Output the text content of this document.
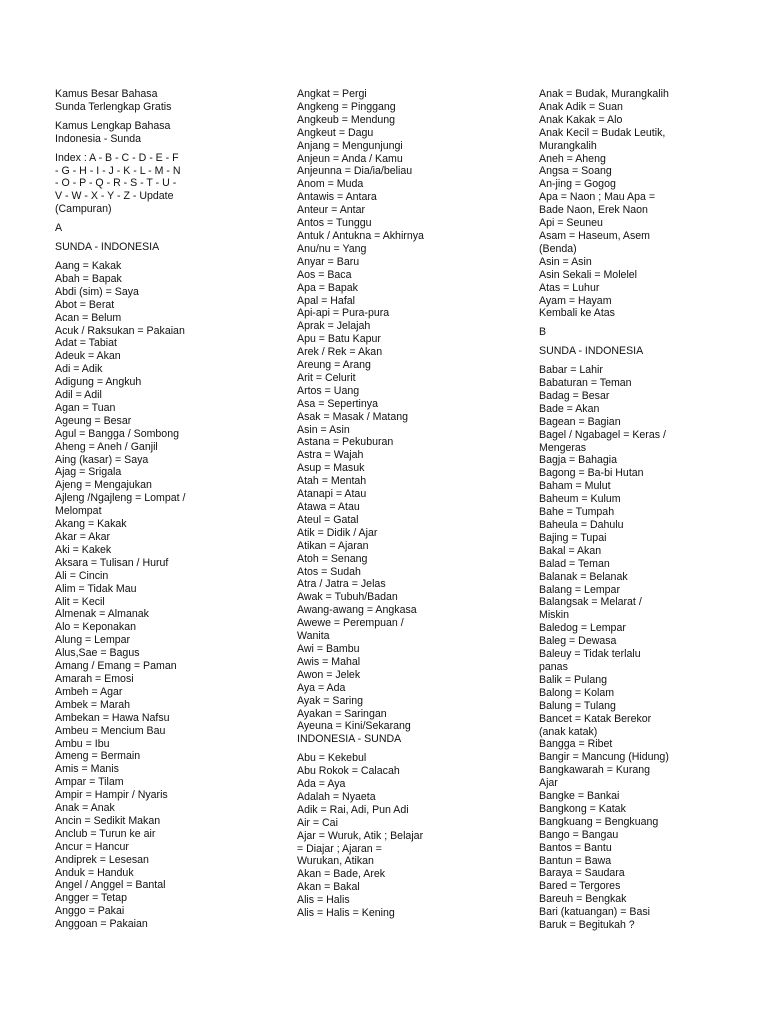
Kamus Besar Bahasa
Sunda Terlengkap Gratis
Kamus Lengkap Bahasa
Indonesia - Sunda
Index : A - B - C - D - E - F
- G - H - I - J - K - L - M - N
- O - P - Q - R - S - T - U -
V - W - X - Y - Z - Update
(Campuran)
A
SUNDA - INDONESIA
Aang = Kakak
Abah = Bapak
Abdi (sim) = Saya
Abot = Berat
Acan = Belum
Acuk / Raksukan = Pakaian
Adat = Tabiat
Adeuk = Akan
Adi = Adik
Adigung = Angkuh
Adil = Adil
Agan = Tuan
Ageung = Besar
Agul = Bangga / Sombong
Aheng = Aneh / Ganjil
Aing (kasar) = Saya
Ajag = Srigala
Ajeng = Mengajukan
Ajleng /Ngajleng = Lompat /
Melompat
Akang = Kakak
Akar = Akar
Aki = Kakek
Aksara = Tulisan / Huruf
Ali = Cincin
Alim = Tidak Mau
Alit = Kecil
Almenak = Almanak
Alo = Keponakan
Alung = Lempar
Alus,Sae = Bagus
Amang / Emang = Paman
Amarah = Emosi
Ambeh = Agar
Ambek = Marah
Ambekan = Hawa Nafsu
Ambeu = Mencium Bau
Ambu = Ibu
Ameng = Bermain
Amis = Manis
Ampar = Tilam
Ampir = Hampir / Nyaris
Anak = Anak
Ancin = Sedikit Makan
Anclub = Turun ke air
Ancur = Hancur
Andiprek = Lesesan
Anduk = Handuk
Angel / Anggel = Bantal
Angger = Tetap
Anggo = Pakai
Anggoan = Pakaian
Angkat = Pergi
Angkeng = Pinggang
Angkeub = Mendung
Angkeut = Dagu
Anjang = Mengunjungi
Anjeun = Anda / Kamu
Anjeunna = Dia/ia/beliau
Anom = Muda
Antawis = Antara
Anteur = Antar
Antos = Tunggu
Antuk / Antukna = Akhirnya
Anu/nu = Yang
Anyar = Baru
Aos = Baca
Apa = Bapak
Apal = Hafal
Api-api = Pura-pura
Aprak = Jelajah
Apu = Batu Kapur
Arek / Rek = Akan
Areung = Arang
Arit = Celurit
Artos = Uang
Asa = Sepertinya
Asak = Masak / Matang
Asin = Asin
Astana = Pekuburan
Astra = Wajah
Asup = Masuk
Atah = Mentah
Atanapi = Atau
Atawa = Atau
Ateul = Gatal
Atik = Didik / Ajar
Atikan = Ajaran
Atoh = Senang
Atos = Sudah
Atra / Jatra = Jelas
Awak = Tubuh/Badan
Awang-awang = Angkasa
Awewe = Perempuan /
Wanita
Awi = Bambu
Awis = Mahal
Awon = Jelek
Aya = Ada
Ayak = Saring
Ayakan = Saringan
Ayeuna = Kini/Sekarang
INDONESIA - SUNDA
Abu = Kekebul
Abu Rokok = Calacah
Ada = Aya
Adalah = Nyaeta
Adik = Rai, Adi, Pun Adi
Air = Cai
Ajar = Wuruk, Atik ; Belajar
= Diajar ; Ajaran =
Wurukan, Atikan
Akan = Bade, Arek
Akan = Bakal
Alis = Halis
Alis = Halis = Kening
Anak = Budak, Murangkalih
Anak Adik = Suan
Anak Kakak = Alo
Anak Kecil = Budak Leutik,
Murangkalih
Aneh = Aheng
Angsa = Soang
An-jing = Gogog
Apa = Naon ; Mau Apa =
Bade Naon, Erek Naon
Api = Seuneu
Asam = Haseum, Asem
(Benda)
Asin = Asin
Asin Sekali = Molelel
Atas = Luhur
Ayam = Hayam
Kembali ke Atas
B
SUNDA - INDONESIA
Babar = Lahir
Babaturan = Teman
Badag = Besar
Bade = Akan
Bagean = Bagian
Bagel / Ngabagel = Keras /
Mengeras
Bagja = Bahagia
Bagong = Ba-bi Hutan
Baham = Mulut
Baheum = Kulum
Bahe = Tumpah
Baheula = Dahulu
Bajing = Tupai
Bakal = Akan
Balad = Teman
Balanak = Belanak
Balang = Lempar
Balangsak = Melarat /
Miskin
Baledog = Lempar
Baleg = Dewasa
Baleuy = Tidak terlalu
panas
Balik = Pulang
Balong = Kolam
Balung = Tulang
Bancet = Katak Berekor
(anak katak)
Bangga = Ribet
Bangir = Mancung (Hidung)
Bangkawarah = Kurang
Ajar
Bangke = Bankai
Bangkong = Katak
Bangkuang = Bengkuang
Bango = Bangau
Bantos = Bantu
Bantun = Bawa
Baraya = Saudara
Bared = Tergores
Bareuh = Bengkak
Bari (katuangan) = Basi
Baruk = Begitukah ?
